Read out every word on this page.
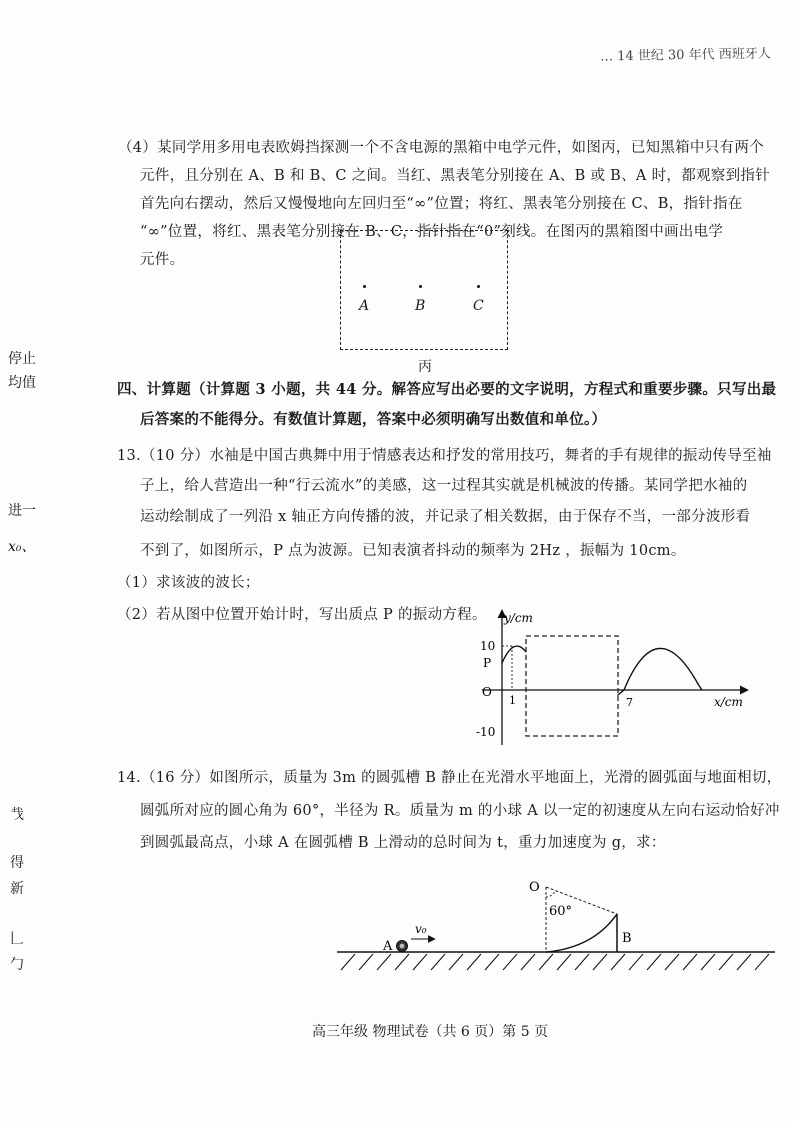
… 14 世纪 30 年代 西班牙人
停止
均值
进一
x₀、
𢦏
得
新
𠃊
勹
（4）某同学用多用电表欧姆挡探测一个不含电源的黑箱中电学元件，如图丙，已知黑箱中只有两个
元件，且分别在 A、B 和 B、C 之间。当红、黑表笔分别接在 A、B 或 B、A 时，都观察到指针
首先向右摆动，然后又慢慢地向左回归至“∞”位置；将红、黑表笔分别接在 C、B，指针指在
“∞”位置，将红、黑表笔分别接在 B、C，指针指在“0”刻线。在图丙的黑箱图中画出电学
元件。
A	B	C
丙
四、计算题（计算题 3 小题，共 44 分。解答应写出必要的文字说明，方程式和重要步骤。只写出最
后答案的不能得分。有数值计算题，答案中必须明确写出数值和单位。）
13.（10 分）水袖是中国古典舞中用于情感表达和抒发的常用技巧，舞者的手有规律的振动传导至袖
子上，给人营造出一种“行云流水”的美感，这一过程其实就是机械波的传播。某同学把水袖的
运动绘制成了一列沿 x 轴正方向传播的波，并记录了相关数据，由于保存不当，一部分波形看
不到了，如图所示，P 点为波源。已知表演者抖动的频率为 2Hz ，振幅为 10cm。
（1）求该波的波长；
（2）若从图中位置开始计时，写出质点 P 的振动方程。 y/cm
x/cm
10
P
O
1	7
-10
14.（16 分）如图所示，质量为 3m 的圆弧槽 B 静止在光滑水平地面上，光滑的圆弧面与地面相切，
圆弧所对应的圆心角为 60°，半径为 R。质量为 m 的小球 A 以一定的初速度从左向右运动恰好冲
到圆弧最高点，小球 A 在圆弧槽 B 上滑动的总时间为 t，重力加速度为 g，求：
O
60°
A
v₀
B
高三年级 物理试卷（共 6 页）第 5 页
